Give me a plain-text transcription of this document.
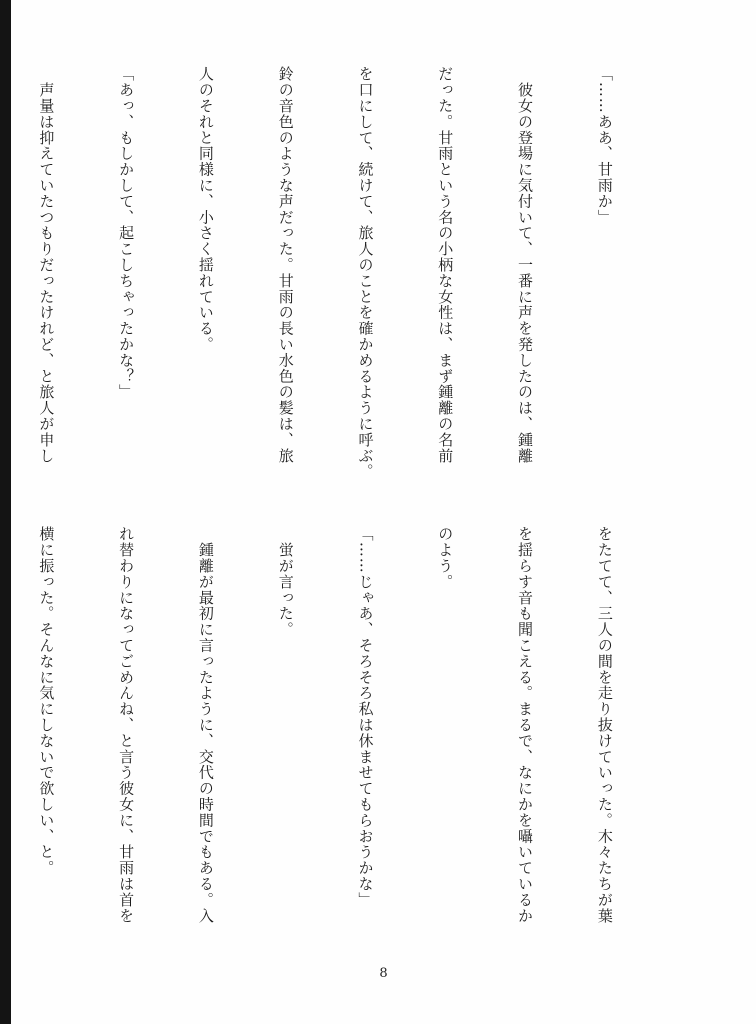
「……ああ、甘雨か」

　彼女の登場に気付いて、一番に声を発したのは、鍾離

だった。甘雨という名の小柄な女性は、まず鍾離の名前

を口にして、続けて、旅人のことを確かめるように呼ぶ。

鈴の音色のような声だった。甘雨の長い水色の髪は、旅

人のそれと同様に、小さく揺れている。

「あっ、もしかして、起こしちゃったかな？」

　声量は抑えていたつもりだったけれど、と旅人が申し

をたてて、三人の間を走り抜けていった。木々たちが葉

を揺らす音も聞こえる。まるで、なにかを囁いているか

のよう。

「……じゃあ、そろそろ私は休ませてもらおうかな」

　蛍が言った。

　鍾離が最初に言ったように、交代の時間でもある。入

れ替わりになってごめんね、と言う彼女に、甘雨は首を

横に振った。そんなに気にしないで欲しい、と。

8
